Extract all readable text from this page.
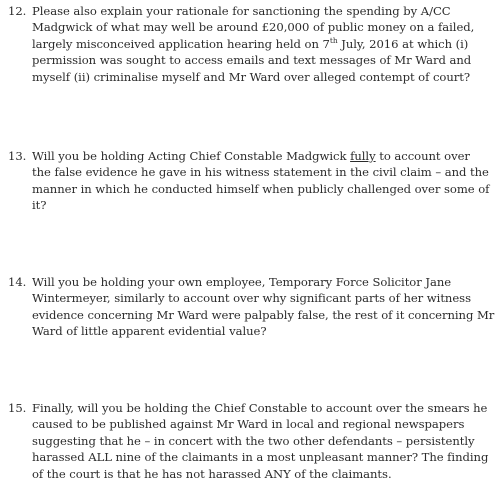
12. Please also explain your rationale for sanctioning the spending by A/CC
Madgwick of what may well be around £20,000 of public money on a failed,
largely misconceived application hearing held on 7th July, 2016 at which (i)
permission was sought to access emails and text messages of Mr Ward and
myself (ii) criminalise myself and Mr Ward over alleged contempt of court?
13. Will you be holding Acting Chief Constable Madgwick fully to account over
the false evidence he gave in his witness statement in the civil claim – and the
manner in which he conducted himself when publicly challenged over some of
it?
14. Will you be holding your own employee, Temporary Force Solicitor Jane
Wintermeyer, similarly to account over why significant parts of her witness
evidence concerning Mr Ward were palpably false, the rest of it concerning Mr
Ward of little apparent evidential value?
15. Finally, will you be holding the Chief Constable to account over the smears he
caused to be published against Mr Ward in local and regional newspapers
suggesting that he – in concert with the two other defendants – persistently
harassed ALL nine of the claimants in a most unpleasant manner? The finding
of the court is that he has not harassed ANY of the claimants.
